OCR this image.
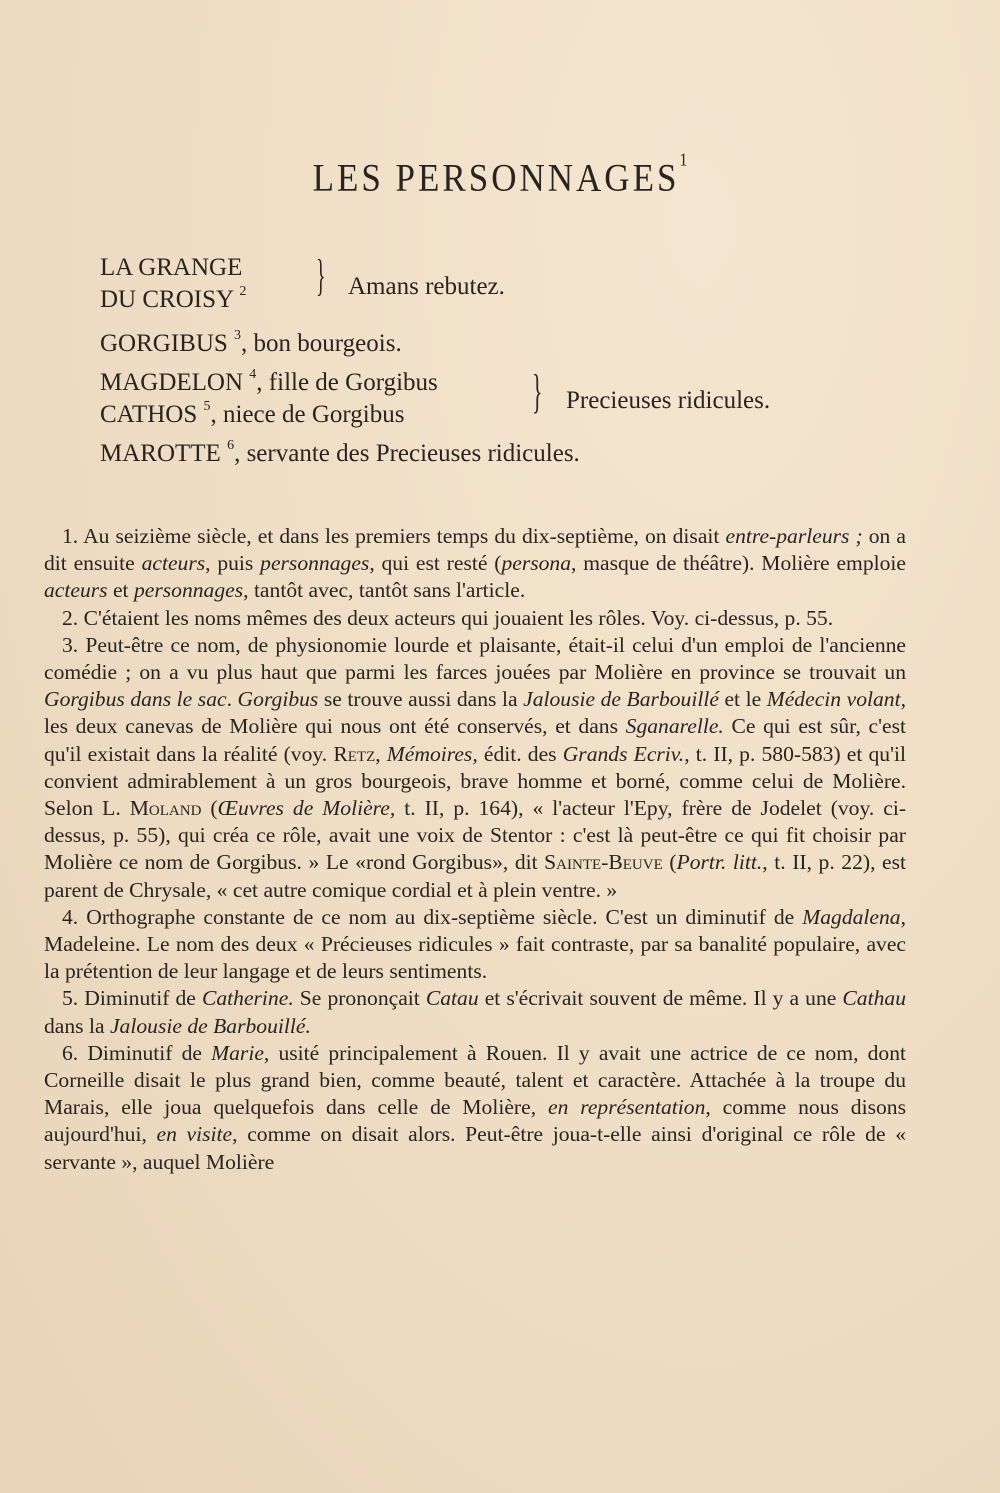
LES PERSONNAGES$^1$
LA GRANGE
DU CROISY $^2$ } Amans rebutez.
GORGIBUS $^3$, bon bourgeois.
MAGDELON $^4$, fille de Gorgibus
CATHOS $^5$, niece de Gorgibus	} Precieuses ridicules.
MAROTTE $^6$, servante des Precieuses ridicules.

1. Au seizième siècle, et dans les premiers temps du dix-septième, on disait entre-parleurs ; on a dit ensuite acteurs, puis personnages, qui est resté (persona, masque de théâtre). Molière emploie acteurs et personnages, tantôt avec, tantôt sans l'article.

2. C'étaient les noms mêmes des deux acteurs qui jouaient les rôles. Voy. ci-dessus, p. 55.

3. Peut-être ce nom, de physionomie lourde et plaisante, était-il celui d'un emploi de l'ancienne comédie ; on a vu plus haut que parmi les farces jouées par Molière en province se trouvait un Gorgibus dans le sac. Gorgibus se trouve aussi dans la Jalousie de Barbouillé et le Médecin volant, les deux canevas de Molière qui nous ont été conservés, et dans Sganarelle. Ce qui est sûr, c'est qu'il existait dans la réalité (voy. Retz, Mémoires, édit. des Grands Ecriv., t. II, p. 580-583) et qu'il convient admirablement à un gros bourgeois, brave homme et borné, comme celui de Molière. Selon L. Moland (Œuvres de Molière, t. II, p. 164), « l'acteur l'Epy, frère de Jodelet (voy. ci-dessus, p. 55), qui créa ce rôle, avait une voix de Stentor : c'est là peut-être ce qui fit choisir par Molière ce nom de Gorgibus. » Le «rond Gorgibus», dit Sainte-Beuve (Portr. litt., t. II, p. 22), est parent de Chrysale, « cet autre comique cordial et à plein ventre. »

4. Orthographe constante de ce nom au dix-septième siècle. C'est un diminutif de Magdalena, Madeleine. Le nom des deux « Précieuses ridicules » fait contraste, par sa banalité populaire, avec la prétention de leur langage et de leurs sentiments.

5. Diminutif de Catherine. Se prononçait Catau et s'écrivait souvent de même. Il y a une Cathau dans la Jalousie de Barbouillé.

6. Diminutif de Marie, usité principalement à Rouen. Il y avait une actrice de ce nom, dont Corneille disait le plus grand bien, comme beauté, talent et caractère. Attachée à la troupe du Marais, elle joua quelquefois dans celle de Molière, en représentation, comme nous disons aujourd'hui, en visite, comme on disait alors. Peut-être joua-t-elle ainsi d'original ce rôle de « servante », auquel Molière
